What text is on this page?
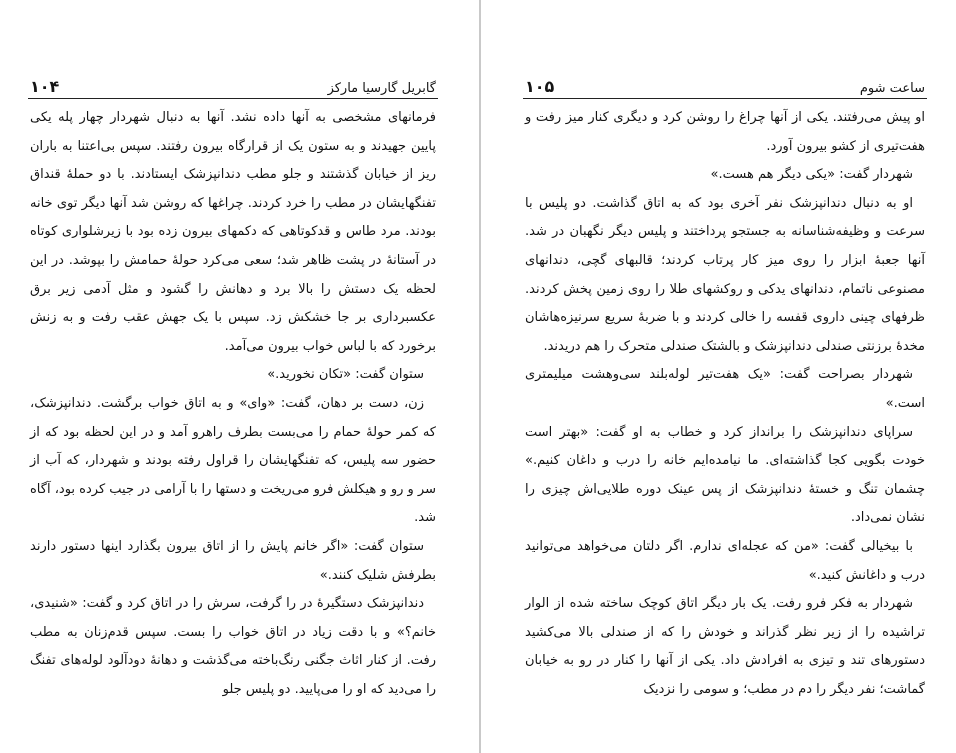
گابریل گارسیا مارکز
۱۰۴

فرمانهای مشخصی به آنها داده نشد. آنها به دنبال شهردار چهار پله یکی پایین جهیدند و به ستون یک از قرارگاه بیرون رفتند. سپس بی‌اعتنا به باران ریز از خیابان گذشتند و جلو مطب دندانپزشک ایستادند. با دو حملهٔ قنداق تفنگهایشان در مطب را خرد کردند. چراغها که روشن شد آنها دیگر توی خانه بودند. مرد طاس و قدکوتاهی که دکمهای بیرون زده بود با زیرشلواری کوتاه در آستانهٔ در پشت ظاهر شد؛ سعی می‌کرد حولهٔ حمامش را بپوشد. در این لحظه یک دستش را بالا برد و دهانش را گشود و مثل آدمی زیر برق عکسبرداری بر جا خشکش زد. سپس با یک جهش عقب رفت و به زنش برخورد که با لباس خواب بیرون می‌آمد.

ستوان گفت: «تکان نخورید.»

زن، دست بر دهان، گفت: «وای» و به اتاق خواب برگشت. دندانپزشک، که کمر حولهٔ حمام را می‌بست بطرف راهرو آمد و در این لحظه بود که از حضور سه پلیس، که تفنگهایشان را قراول رفته بودند و شهردار، که آب از سر و رو و هیکلش فرو می‌ریخت و دستها را با آرامی در جیب کرده بود، آگاه شد.

ستوان گفت: «اگر خانم پایش را از اتاق بیرون بگذارد اینها دستور دارند بطرفش شلیک کنند.»

دندانپزشک دستگیرهٔ در را گرفت، سرش را در اتاق کرد و گفت: «شنیدی، خانم؟» و با دقت زیاد در اتاق خواب را بست. سپس قدم‌زنان به مطب رفت. از کنار اثاث جگنی رنگ‌باخته می‌گذشت و دهانهٔ دودآلود لوله‌های تفنگ را می‌دید که او را می‌پایید. دو پلیس جلو

ساعت شوم
۱۰۵

او پیش می‌رفتند. یکی از آنها چراغ را روشن کرد و دیگری کنار میز رفت و هفت‌تیری از کشو بیرون آورد.

شهردار گفت: «یکی دیگر هم هست.»

او به دنبال دندانپزشک نفر آخری بود که به اتاق گذاشت. دو پلیس با سرعت و وظیفه‌شناسانه به جستجو پرداختند و پلیس دیگر نگهبان در شد. آنها جعبهٔ ابزار را روی میز کار پرتاب کردند؛ قالبهای گچی، دندانهای مصنوعی ناتمام، دندانهای یدکی و روکشهای طلا را روی زمین پخش کردند. ظرفهای چینی داروی قفسه را خالی کردند و با ضربهٔ سریع سرنیزه‌هاشان مخدهٔ برزنتی صندلی دندانپزشک و بالشتک صندلی متحرک را هم دریدند.

شهردار بصراحت گفت: «یک هفت‌تیر لوله‌بلند سی‌وهشت میلیمتری است.»

سراپای دندانپزشک را برانداز کرد و خطاب به او گفت: «بهتر است خودت بگویی کجا گذاشته‌ای. ما نیامده‌ایم خانه را درب و داغان کنیم.» چشمان تنگ و خستهٔ دندانپزشک از پس عینک دوره طلایی‌اش چیزی را نشان نمی‌داد.

با بیخیالی گفت: «من که عجله‌ای ندارم. اگر دلتان می‌خواهد می‌توانید درب و داغانش کنید.»

شهردار به فکر فرو رفت. یک بار دیگر اتاق کوچک ساخته شده از الوار تراشیده را از زیر نظر گذراند و خودش را که از صندلی بالا می‌کشید دستورهای تند و تیزی به افرادش داد. یکی از آنها را کنار در رو به خیابان گماشت؛ نفر دیگر را دم در مطب؛ و سومی را نزدیک
